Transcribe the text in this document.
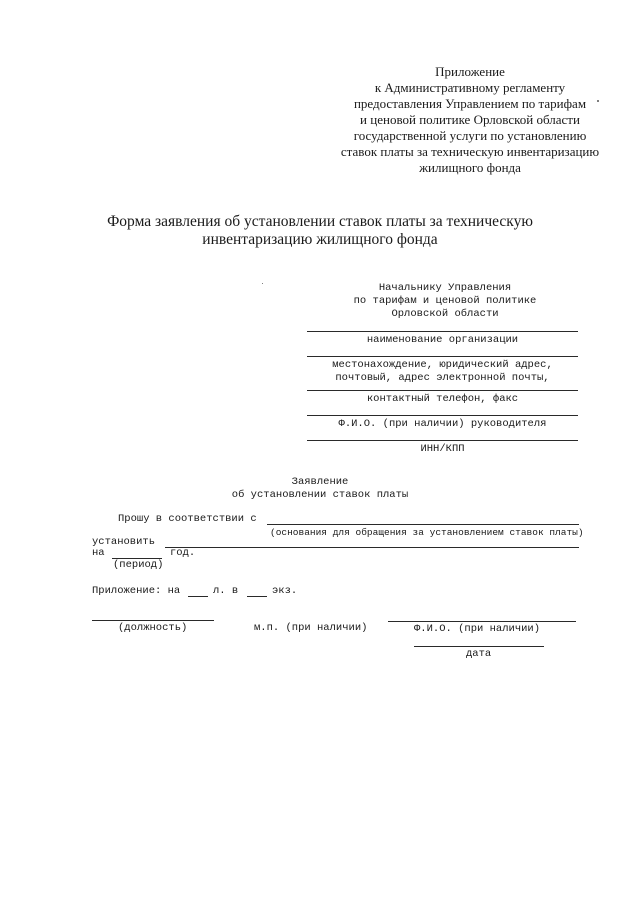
Приложение
к Административному регламенту
предоставления Управлением по тарифам
и ценовой политике Орловской области
государственной услуги по установлению
ставок платы за техническую инвентаризацию
жилищного фонда
Форма заявления об установлении ставок платы за техническую
инвентаризацию жилищного фонда
Начальнику Управления
по тарифам и ценовой политике
Орловской области
наименование организации
местонахождение, юридический адрес,
почтовый, адрес электронной почты,
контактный телефон, факс
Ф.И.О. (при наличии) руководителя
ИНН/КПП
Заявление
об установлении ставок платы
Прошу в соответствии с
(основания для обращения за установлением ставок платы)
установить
на	год.
(период)
Приложение: на	л. в	экз.
(должность)	м.п. (при наличии)	Ф.И.О. (при наличии)
дата
